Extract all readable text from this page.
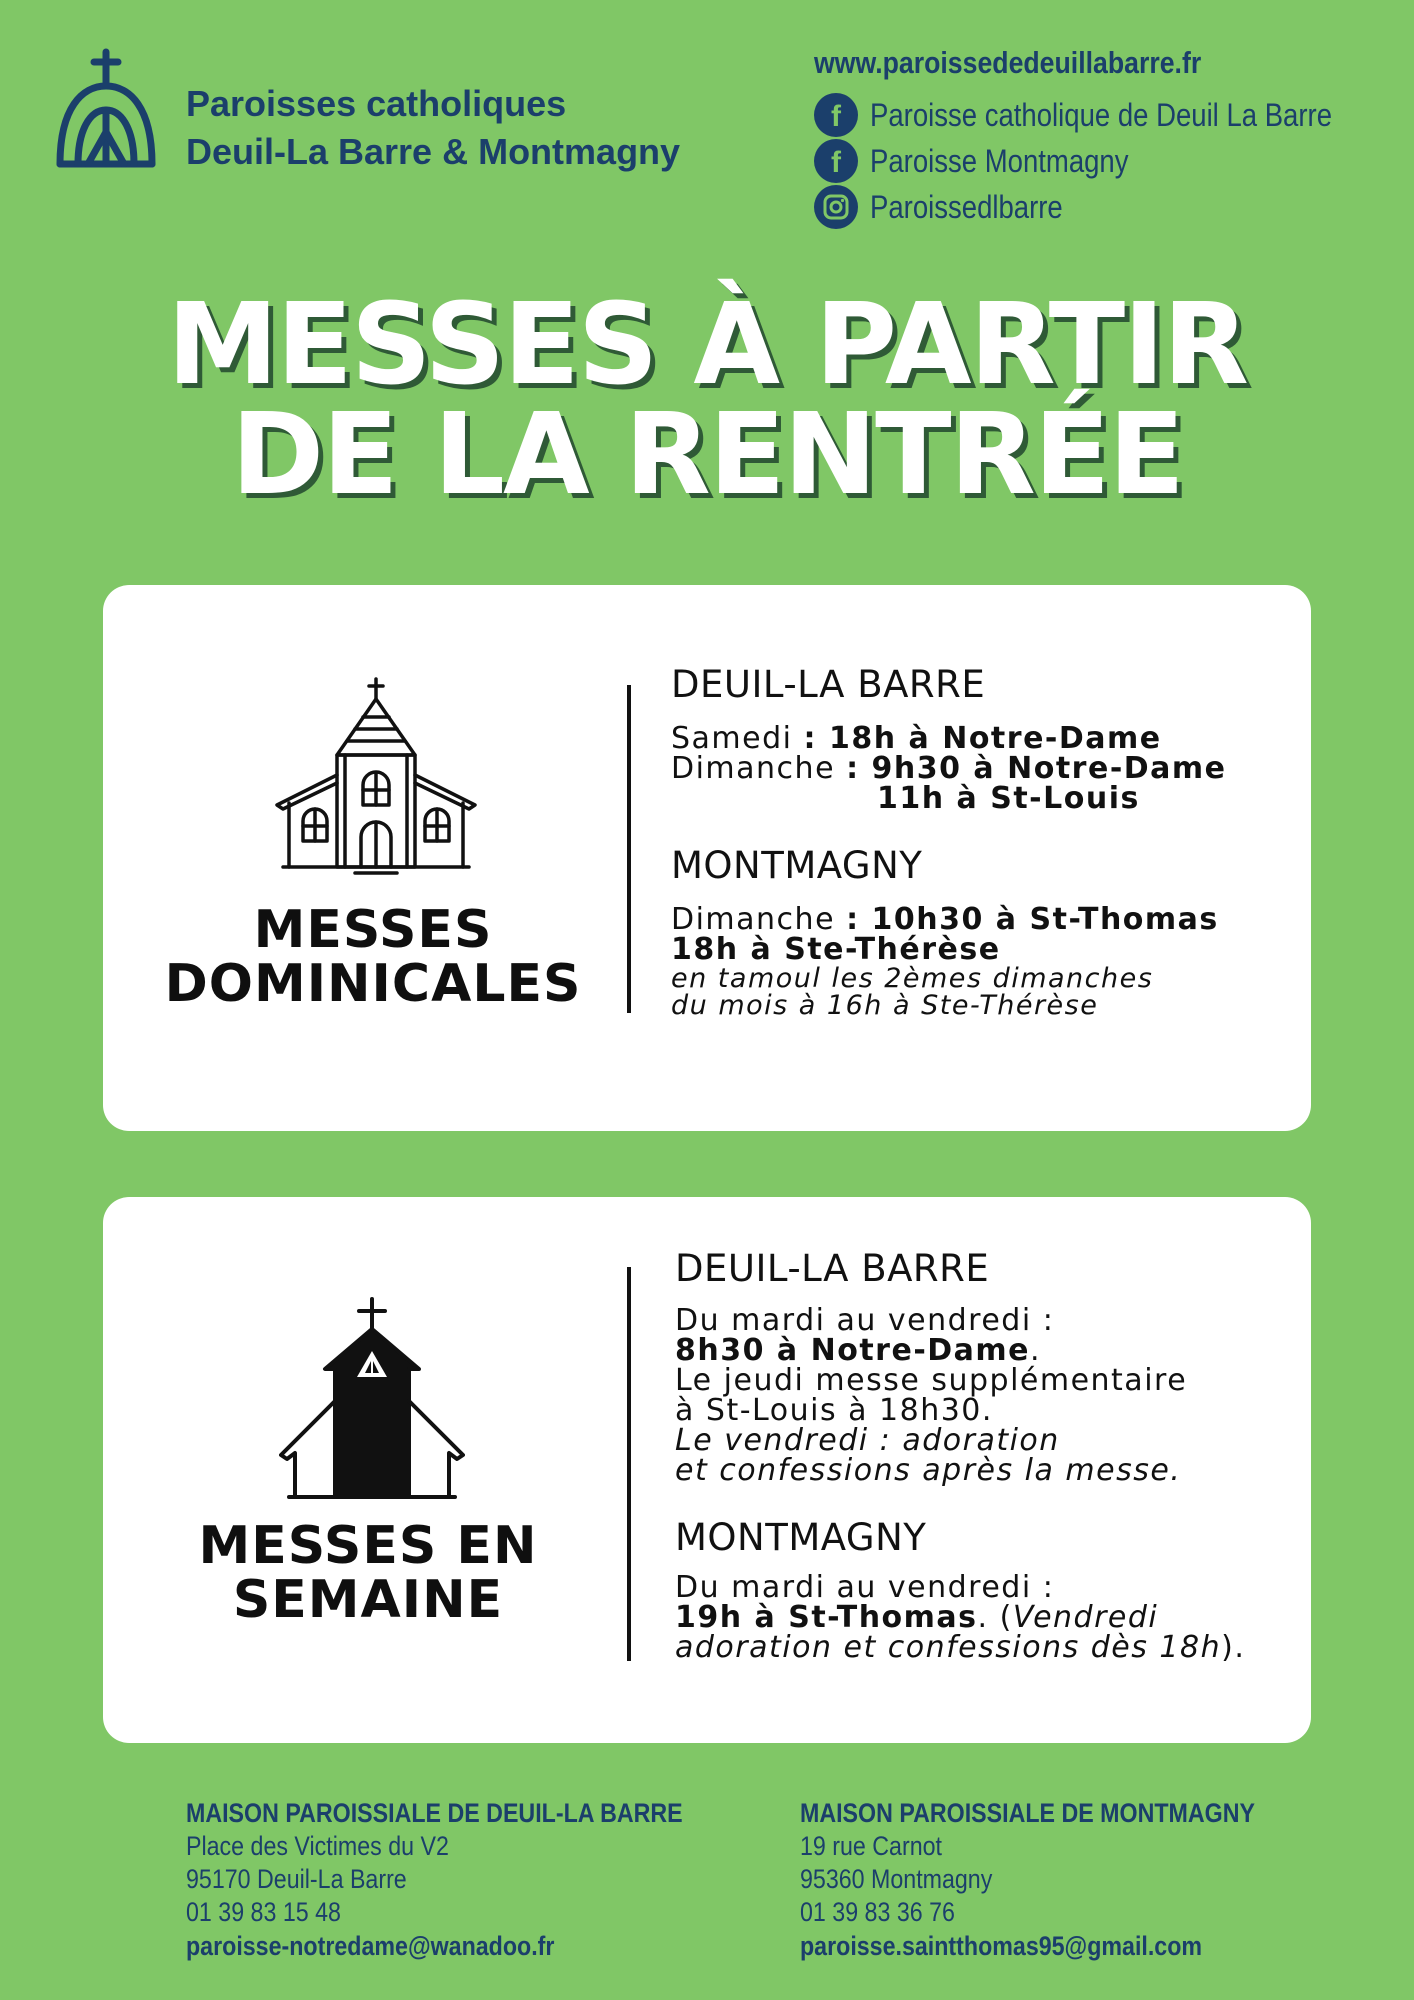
Paroisses catholiques
Deuil-La Barre & Montmagny
www.paroissededeuillabarre.fr
f Paroisse catholique de Deuil La Barre
f Paroisse Montmagny
Paroissedlbarre
MESSES À PARTIR
DE LA RENTRÉE
MESSES
DOMINICALES
DEUIL-LA BARRE
Samedi : 18h à Notre-Dame
Dimanche : 9h30 à Notre-Dame
11h à St-Louis
MONTMAGNY
Dimanche : 10h30 à St-Thomas
18h à Ste-Thérèse
en tamoul les 2èmes dimanches
du mois à 16h à Ste-Thérèse
MESSES EN
SEMAINE
DEUIL-LA BARRE
Du mardi au vendredi :
8h30 à Notre-Dame.
Le jeudi messe supplémentaire
à St-Louis à 18h30.
Le vendredi : adoration
et confessions après la messe.
MONTMAGNY
Du mardi au vendredi :
19h à St-Thomas. (Vendredi
adoration et confessions dès 18h).
MAISON PAROISSIALE DE DEUIL-LA BARRE
Place des Victimes du V2
95170 Deuil-La Barre
01 39 83 15 48
paroisse-notredame@wanadoo.fr
MAISON PAROISSIALE DE MONTMAGNY
19 rue Carnot
95360 Montmagny
01 39 83 36 76
paroisse.saintthomas95@gmail.com
